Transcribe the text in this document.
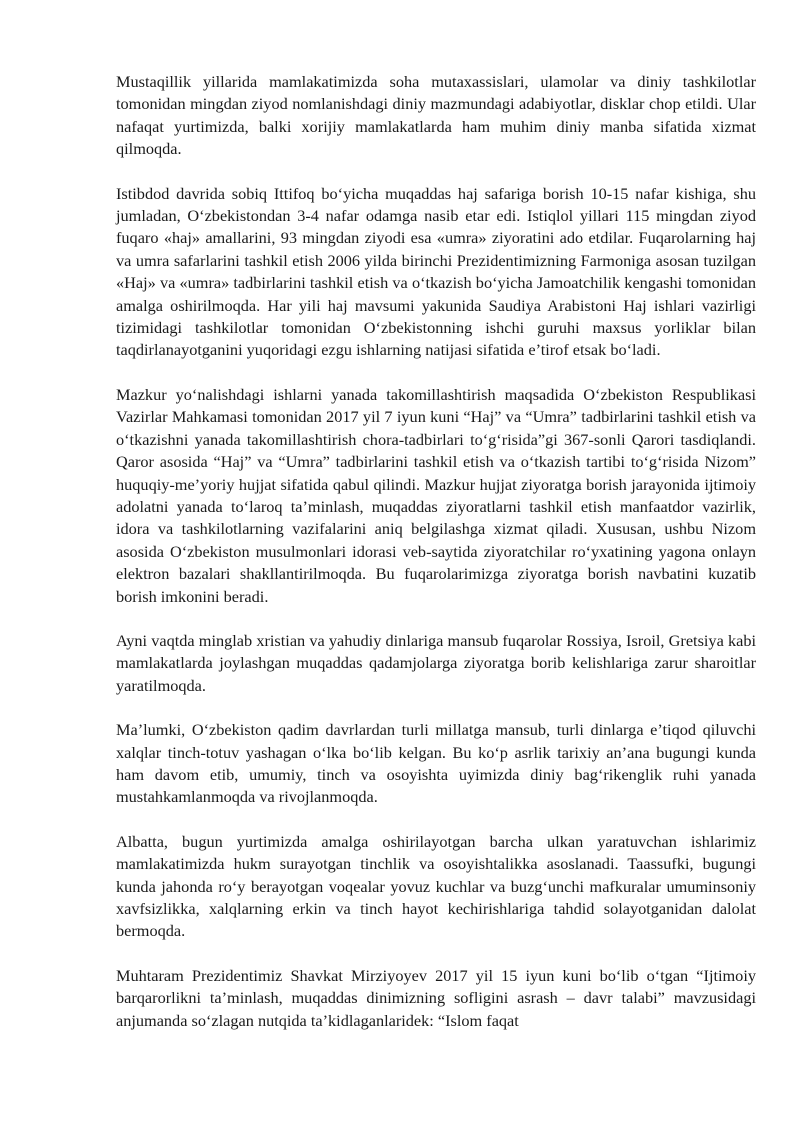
Mustaqillik yillarida mamlakatimizda soha mutaxassislari, ulamolar va diniy tashkilotlar tomonidan mingdan ziyod nomlanishdagi diniy mazmundagi adabiyotlar, disklar chop etildi. Ular nafaqat yurtimizda, balki xorijiy mamlakatlarda ham muhim diniy manba sifatida xizmat qilmoqda.

Istibdod davrida sobiq Ittifoq bo‘yicha muqaddas haj safariga borish 10-15 nafar kishiga, shu jumladan, O‘zbekistondan 3-4 nafar odamga nasib etar edi. Istiqlol yillari 115 mingdan ziyod fuqaro «haj» amallarini, 93 mingdan ziyodi esa «umra» ziyoratini ado etdilar. Fuqarolarning haj va umra safarlarini tashkil etish 2006 yilda birinchi Prezidentimizning Farmoniga asosan tuzilgan «Haj» va «umra» tadbirlarini tashkil etish va o‘tkazish bo‘yicha Jamoatchilik kengashi tomonidan amalga oshirilmoqda. Har yili haj mavsumi yakunida Saudiya Arabistoni Haj ishlari vazirligi tizimidagi tashkilotlar tomonidan O‘zbekistonning ishchi guruhi maxsus yorliklar bilan taqdirlanayotganini yuqoridagi ezgu ishlarning natijasi sifatida e’tirof etsak bo‘ladi.

Mazkur yo‘nalishdagi ishlarni yanada takomillashtirish maqsadida O‘zbekiston Respublikasi Vazirlar Mahkamasi tomonidan 2017 yil 7 iyun kuni “Haj” va “Umra” tadbirlarini tashkil etish va o‘tkazishni yanada takomillashtirish chora-tadbirlari to‘g‘risida”gi 367-sonli Qarori tasdiqlandi. Qaror asosida “Haj” va “Umra” tadbirlarini tashkil etish va o‘tkazish tartibi to‘g‘risida Nizom” huquqiy-me’yoriy hujjat sifatida qabul qilindi. Mazkur hujjat ziyoratga borish jarayonida ijtimoiy adolatni yanada to‘laroq ta’minlash, muqaddas ziyoratlarni tashkil etish manfaatdor vazirlik, idora va tashkilotlarning vazifalarini aniq belgilashga xizmat qiladi. Xususan, ushbu Nizom asosida O‘zbekiston musulmonlari idorasi veb-saytida ziyoratchilar ro‘yxatining yagona onlayn elektron bazalari shakllantirilmoqda. Bu fuqarolarimizga ziyoratga borish navbatini kuzatib borish imkonini beradi.

Ayni vaqtda minglab xristian va yahudiy dinlariga mansub fuqarolar Rossiya, Isroil, Gretsiya kabi mamlakatlarda joylashgan muqaddas qadamjolarga ziyoratga borib kelishlariga zarur sharoitlar yaratilmoqda.

Ma’lumki, O‘zbekiston qadim davrlardan turli millatga mansub, turli dinlarga e’tiqod qiluvchi xalqlar tinch-totuv yashagan o‘lka bo‘lib kelgan. Bu ko‘p asrlik tarixiy an’ana bugungi kunda ham davom etib, umumiy, tinch va osoyishta uyimizda diniy bag‘rikenglik ruhi yanada mustahkamlanmoqda va rivojlanmoqda.

Albatta, bugun yurtimizda amalga oshirilayotgan barcha ulkan yaratuvchan ishlarimiz mamlakatimizda hukm surayotgan tinchlik va osoyishtalikka asoslanadi. Taassufki, bugungi kunda jahonda ro‘y berayotgan voqealar yovuz kuchlar va buzg‘unchi mafkuralar umuminsoniy xavfsizlikka, xalqlarning erkin va tinch hayot kechirishlariga tahdid solayotganidan dalolat bermoqda.

Muhtaram Prezidentimiz Shavkat Mirziyoyev 2017 yil 15 iyun kuni bo‘lib o‘tgan “Ijtimoiy barqarorlikni ta’minlash, muqaddas dinimizning sofligini asrash – davr talabi” mavzusidagi anjumanda so‘zlagan nutqida ta’kidlaganlaridek: “Islom faqat
